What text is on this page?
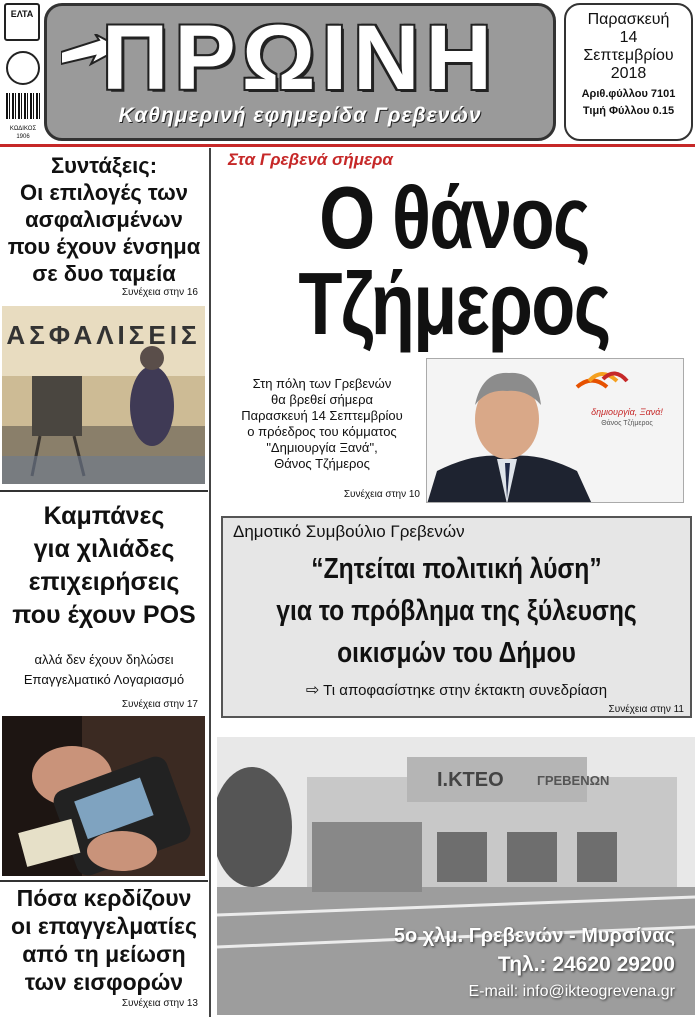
ΕΛΤΑ
ΚΩΔΙΚΟΣ
1906
ΠΡΩΙΝΗ
Καθημερινή εφημερίδα Γρεβενών
Παρασκευή
14
Σεπτεμβρίου
2018
Αριθ.φύλλου 7101
Τιμή Φύλλου 0.15
Συντάξεις:
Οι επιλογές των
ασφαλισμένων
που έχουν ένσημα
σε δυο ταμεία
Συνέχεια στην 16
ΑΣΦΑΛΙΣΕΙΣ
Καμπάνες
για χιλιάδες
επιχειρήσεις
που έχουν POS
αλλά δεν έχουν δηλώσει
Επαγγελματικό Λογαριασμό
Συνέχεια στην 17
Πόσα κερδίζουν
οι επαγγελματίες
από τη μείωση
των εισφορών
Συνέχεια στην 13
Στα Γρεβενά σήμερα
Ο θάνος
Τζήμερος
Στη πόλη των Γρεβενών
θα βρεθεί σήμερα
Παρασκευή 14 Σεπτεμβρίου
ο πρόεδρος του κόμματος
"Δημιουργία Ξανά",
Θάνος Τζήμερος
Συνέχεια στην 10
δημιουργία, Ξανά!
Θάνος Τζήμερος
Δημοτικό Συμβούλιο Γρεβενών
“Ζητείται πολιτική λύση”
για το πρόβλημα της ξύλευσης
οικισμών του Δήμου
⇨ Τι αποφασίστηκε στην έκτακτη συνεδρίαση
Συνέχεια στην 11
Ι.ΚΤΕΟ	ΓΡΕΒΕΝΩΝ
5ο χλμ. Γρεβενών - Μυρσίνας
Τηλ.: 24620 29200
E-mail: info@ikteogrevena.gr
